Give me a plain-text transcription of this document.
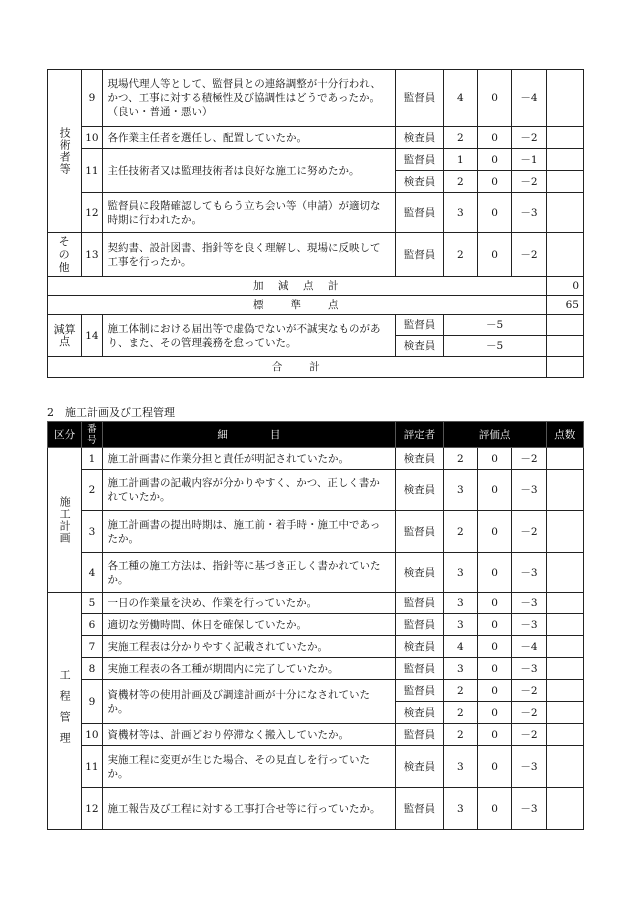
技術者等	9	現場代理人等として、監督員との連絡調整が十分行われ、かつ、工事に対する積極性及び協調性はどうであったか。（良い・普通・悪い）	監督員	4	0	－4	
	10	各作業主任者を選任し、配置していたか。	検査員	2	0	－2	
	11	主任技術者又は監理技術者は良好な施工に努めたか。	監督員	1	0	－1	
			検査員	2	0	－2	
	12	監督員に段階確認してもらう立ち会い等（申請）が適切な時期に行われたか。	監督員	3	0	－3	

その他	13	契約書、設計図書、指針等を良く理解し、現場に反映して工事を行ったか。	監督員	2	0	－2	
加　減　点　計							0
標　　準　　点							65

減算点	14	施工体制における届出等で虚偽でないが不誠実なものがあり、また、その管理義務を怠っていた。	監督員	－5			
			検査員	－5			
合　　計							
2　施工計画及び工程管理
区分	番号	細　　　　目	評定者	評価点			点数

施工計画	1	施工計画書に作業分担と責任が明記されていたか。	検査員	2	0	－2	
	2	施工計画書の記載内容が分かりやすく、かつ、正しく書かれていたか。	検査員	3	0	－3	
	3	施工計画書の提出時期は、施工前・着手時・施工中であったか。	監督員	2	0	－2	
	4	各工種の施工方法は、指針等に基づき正しく書かれていたか。	検査員	3	0	－3	

工程管理	5	一日の作業量を決め、作業を行っていたか。	監督員	3	0	－3	
	6	適切な労働時間、休日を確保していたか。	監督員	3	0	－3	
	7	実施工程表は分かりやすく記載されていたか。	検査員	4	0	－4	
	8	実施工程表の各工種が期間内に完了していたか。	監督員	3	0	－3	
	9	資機材等の使用計画及び調達計画が十分になされていたか。	監督員	2	0	－2	
			検査員	2	0	－2	
	10	資機材等は、計画どおり停滞なく搬入していたか。	監督員	2	0	－2	
	11	実施工程に変更が生じた場合、その見直しを行っていたか。	検査員	3	0	－3	
	12	施工報告及び工程に対する工事打合せ等に行っていたか。	監督員	3	0	－3	
